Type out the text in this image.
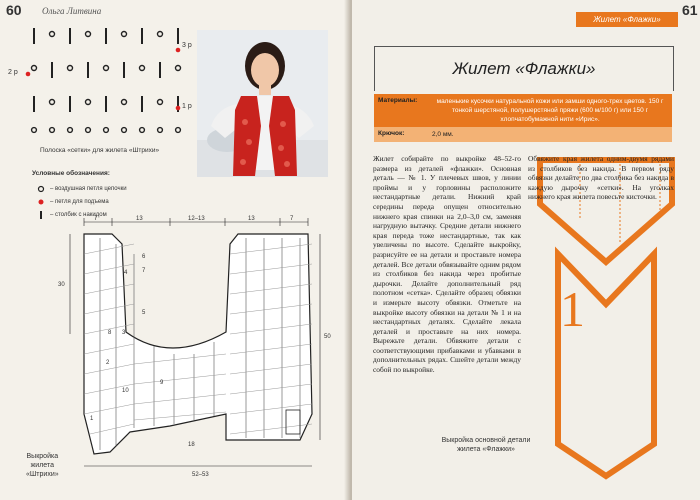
60 Ольга Литвина
3 р
2 р
1 р
Полоска «сетки» для жилета «Штрихи»
Условные обозначения:
– воздушная петля цепочки
– петля для подъема
– столбик с накидом
7	13	12–13	13	7
1
2
3
4
5
6
7
8
9
10
30
50
18
52–53
Выкройка
жилета
«Штрихи»
61
Жилет «Флажки»
Жилет «Флажки»
Материалы:	маленькие кусочки натуральной кожи или замши одного-трех цветов. 150 г тонкой шерстяной, полушерстяной пряжи (600 м/100 г) или 150 г хлопчатобумажной нити «Ирис».
Крючок:	2,0 мм.
1
Жилет собирайте по выкройке 48–52-го размера из деталей «флажки». Основная деталь — № 1. У плечевых швов, у линии проймы и у горловины расположите нестандартные детали. Нижний край середины переда опущен относительно нижнего края спинки на 2,0–3,0 см, заменяя нагрудную вытачку. Средние детали нижнего края переда тоже нестандартные, так как увеличены по высоте. Сделайте выкройку, разрисуйте ее на детали и проставьте номера деталей. Все детали обвязывайте одним рядом из столбиков без накида через пробитые дырочки. Делайте дополнительный ряд полотном «сетка». Сделайте образец обвязки и измерьте высоту обвязки. Отметьте на выкройке высоту обвязки на детали № 1 и на нестандартных деталях. Сделайте лекала деталей и проставьте на них номера. Вырежьте детали. Обвяжите детали с соответствующими прибавками и убавками в дополнительных рядах. Сшейте детали между собой по выкройке.
Обвяжите края жилета одним-двумя рядами из столбиков без накида. В первом ряду обвязки делайте по два столбика без накида в каждую дырочку «сетки». На уголках нижнего края жилета повесьте кисточки.
Выкройка основной детали
жилета «Флажки»
